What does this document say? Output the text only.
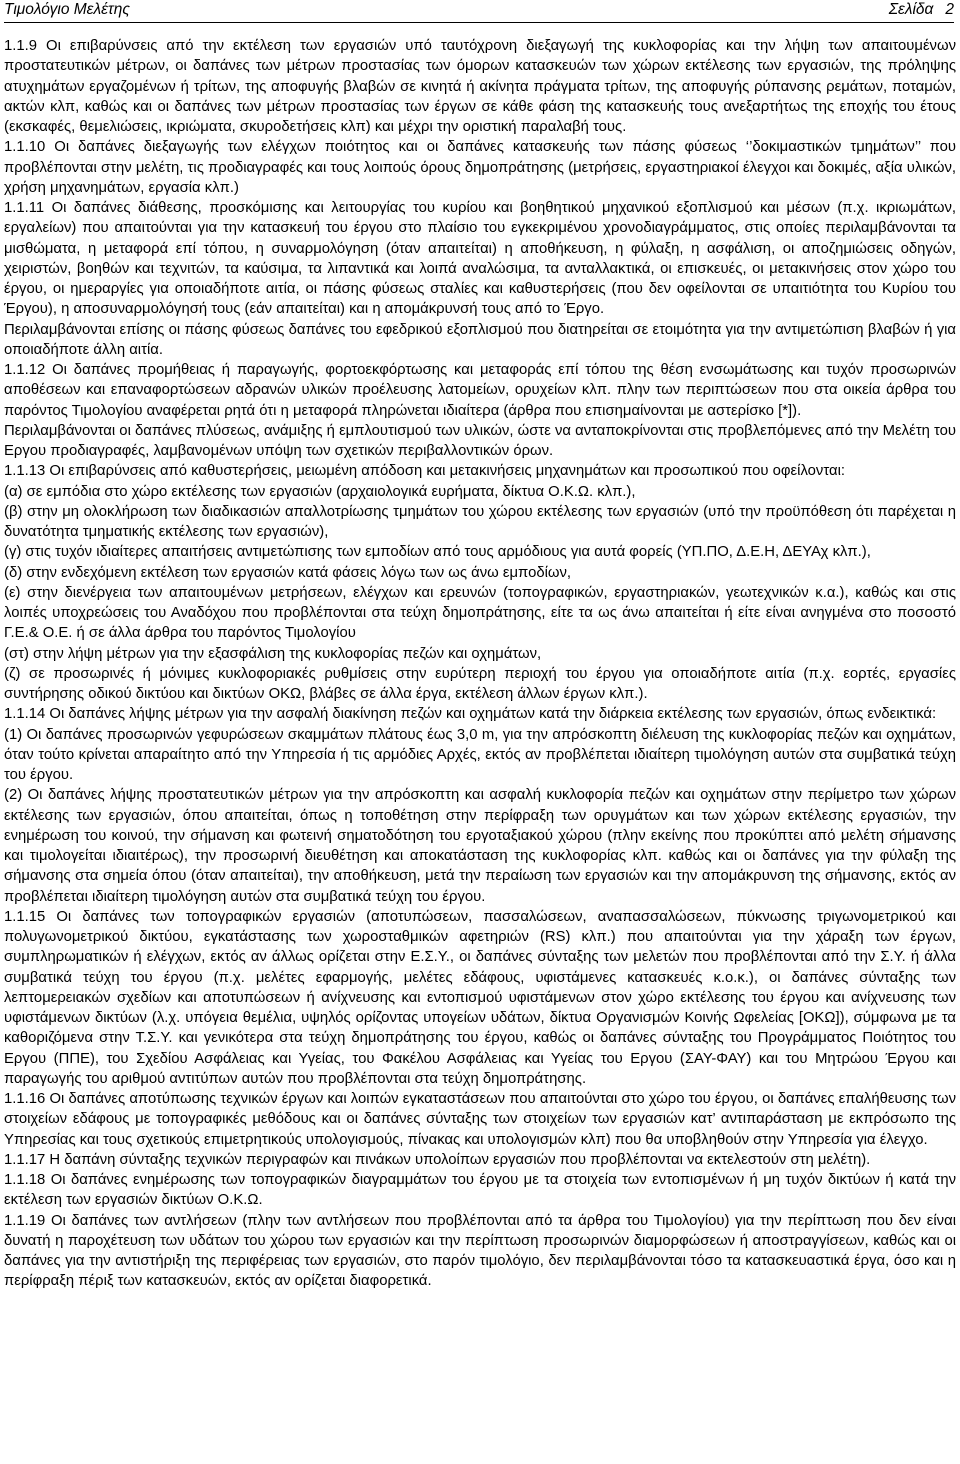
Τιμολόγιο Μελέτης	Σελίδα 2

1.1.9 Οι επιβαρύνσεις από την εκτέλεση των εργασιών υπό ταυτόχρονη διεξαγωγή της κυκλοφορίας και την λήψη των απαιτουμένων προστατευτικών μέτρων, οι δαπάνες των μέτρων προστασίας των όμορων κατασκευών των χώρων εκτέλεσης των εργασιών, της πρόληψης ατυχημάτων εργαζομένων ή τρίτων, της αποφυγής βλαβών σε κινητά ή ακίνητα πράγματα τρίτων, της αποφυγής ρύπανσης ρεμάτων, ποταμών, ακτών κλπ, καθώς και οι δαπάνες των μέτρων προστασίας των έργων σε κάθε φάση της κατασκευής τους ανεξαρτήτως της εποχής του έτους (εκσκαφές, θεμελιώσεις, ικριώματα, σκυροδετήσεις κλπ) και μέχρι την οριστική παραλαβή τους.

1.1.10 Οι δαπάνες διεξαγωγής των ελέγχων ποιότητος και οι δαπάνες κατασκευής των πάσης φύσεως ‘’δοκιμαστικών τμημάτων’’ που προβλέπονται στην μελέτη, τις προδιαγραφές και τους λοιπούς όρους δημοπράτησης (μετρήσεις, εργαστηριακοί έλεγχοι και δοκιμές, αξία υλικών, χρήση μηχανημάτων, εργασία κλπ.)

1.1.11 Οι δαπάνες διάθεσης, προσκόμισης και λειτουργίας του κυρίου και βοηθητικού μηχανικού εξοπλισμού και μέσων (π.χ. ικριωμάτων, εργαλείων) που απαιτούνται για την κατασκευή του έργου στο πλαίσιο του εγκεκριμένου χρονοδιαγράμματος, στις οποίες περιλαμβάνονται τα μισθώματα, η μεταφορά επί τόπου, η συναρμολόγηση (όταν απαιτείται) η αποθήκευση, η φύλαξη, η ασφάλιση, οι αποζημιώσεις οδηγών, χειριστών, βοηθών και τεχνιτών, τα καύσιμα, τα λιπαντικά και λοιπά αναλώσιμα, τα ανταλλακτικά, οι επισκευές, οι μετακινήσεις στον χώρο του έργου, οι ημεραργίες για οποιαδήποτε αιτία, οι πάσης φύσεως σταλίες και καθυστερήσεις (που δεν οφείλονται σε υπαιτιότητα του Κυρίου του Έργου), η αποσυναρμολόγησή τους (εάν απαιτείται) και η απομάκρυνσή τους από το Έργο.

Περιλαμβάνονται επίσης οι πάσης φύσεως δαπάνες του εφεδρικού εξοπλισμού που διατηρείται σε ετοιμότητα για την αντιμετώπιση βλαβών ή για οποιαδήποτε άλλη αιτία.

1.1.12 Οι δαπάνες προμήθειας ή παραγωγής, φορτοεκφόρτωσης και μεταφοράς επί τόπου της θέση ενσωμάτωσης και τυχόν προσωρινών αποθέσεων και επαναφορτώσεων αδρανών υλικών προέλευσης λατομείων, ορυχείων κλπ. πλην των περιπτώσεων που στα οικεία άρθρα του παρόντος Τιμολογίου αναφέρεται ρητά ότι η μεταφορά πληρώνεται ιδιαίτερα (άρθρα που επισημαίνονται με αστερίσκο [*]).

Περιλαμβάνονται οι δαπάνες πλύσεως, ανάμιξης ή εμπλουτισμού των υλικών, ώστε να ανταποκρίνονται στις προβλεπόμενες από την Μελέτη του Εργου προδιαγραφές, λαμβανομένων υπόψη των σχετικών περιβαλλοντικών όρων.

1.1.13 Οι επιβαρύνσεις από καθυστερήσεις, μειωμένη απόδοση και μετακινήσεις μηχανημάτων και προσωπικού που οφείλονται:

(α) σε εμπόδια στο χώρο εκτέλεσης των εργασιών (αρχαιολογικά ευρήματα, δίκτυα Ο.Κ.Ω. κλπ.),

(β) στην μη ολοκλήρωση των διαδικασιών απαλλοτρίωσης τμημάτων του χώρου εκτέλεσης των εργασιών (υπό την προϋπόθεση ότι παρέχεται η δυνατότητα τμηματικής εκτέλεσης των εργασιών),

(γ) στις τυχόν ιδιαίτερες απαιτήσεις αντιμετώπισης των εμποδίων από τους αρμόδιους για αυτά φορείς (ΥΠ.ΠΟ, Δ.Ε.Η, ΔΕΥΑχ κλπ.),

(δ) στην ενδεχόμενη εκτέλεση των εργασιών κατά φάσεις λόγω των ως άνω εμποδίων,

(ε) στην διενέργεια των απαιτουμένων μετρήσεων, ελέγχων και ερευνών (τοπογραφικών, εργαστηριακών, γεωτεχνικών κ.α.), καθώς και στις λοιπές υποχρεώσεις του Αναδόχου που προβλέπονται στα τεύχη δημοπράτησης, είτε τα ως άνω απαιτείται ή είτε είναι ανηγμένα στο ποσοστό Γ.Ε.& Ο.Ε. ή σε άλλα άρθρα του παρόντος Τιμολογίου

(στ) στην λήψη μέτρων για την εξασφάλιση της κυκλοφορίας πεζών και οχημάτων,

(ζ) σε προσωρινές ή μόνιμες κυκλοφοριακές ρυθμίσεις στην ευρύτερη περιοχή του έργου για οποιαδήποτε αιτία (π.χ. εορτές, εργασίες συντήρησης οδικού δικτύου και δικτύων ΟΚΩ, βλάβες σε άλλα έργα, εκτέλεση άλλων έργων κλπ.).

1.1.14 Οι δαπάνες λήψης μέτρων για την ασφαλή διακίνηση πεζών και οχημάτων κατά την διάρκεια εκτέλεσης των εργασιών, όπως ενδεικτικά:

(1) Οι δαπάνες προσωρινών γεφυρώσεων σκαμμάτων πλάτους έως 3,0 m, για την απρόσκοπτη διέλευση της κυκλοφορίας πεζών και οχημάτων, όταν τούτο κρίνεται απαραίτητο από την Υπηρεσία ή τις αρμόδιες Αρχές, εκτός αν προβλέπεται ιδιαίτερη τιμολόγηση αυτών στα συμβατικά τεύχη του έργου.

(2) Οι δαπάνες λήψης προστατευτικών μέτρων για την απρόσκοπτη και ασφαλή κυκλοφορία πεζών και οχημάτων στην περίμετρο των χώρων εκτέλεσης των εργασιών, όπου απαιτείται, όπως η τοποθέτηση στην περίφραξη των ορυγμάτων και των χώρων εκτέλεσης εργασιών, την ενημέρωση του κοινού, την σήμανση και φωτεινή σηματοδότηση του εργοταξιακού χώρου (πλην εκείνης που προκύπτει από μελέτη σήμανσης και τιμολογείται ιδιαιτέρως), την προσωρινή διευθέτηση και αποκατάσταση της κυκλοφορίας κλπ. καθώς και οι δαπάνες για την φύλαξη της σήμανσης στα σημεία όπου (όταν απαιτείται), την αποθήκευση, μετά την περαίωση των εργασιών και την απομάκρυνση της σήμανσης, εκτός αν προβλέπεται ιδιαίτερη τιμολόγηση αυτών στα συμβατικά τεύχη του έργου.

1.1.15 Οι δαπάνες των τοπογραφικών εργασιών (αποτυπώσεων, πασσαλώσεων, αναπασσαλώσεων, πύκνωσης τριγωνομετρικού και πολυγωνομετρικού δικτύου, εγκατάστασης των χωροσταθμικών αφετηριών (RS) κλπ.) που απαιτούνται για την χάραξη των έργων, συμπληρωματικών ή ελέγχων, εκτός αν άλλως ορίζεται στην Ε.Σ.Υ., οι δαπάνες σύνταξης των μελετών που προβλέπονται από την Σ.Υ. ή άλλα συμβατικά τεύχη του έργου (π.χ. μελέτες εφαρμογής, μελέτες εδάφους, υφιστάμενες κατασκευές κ.ο.κ.), οι δαπάνες σύνταξης των λεπτομερειακών σχεδίων και αποτυπώσεων ή ανίχνευσης και εντοπισμού υφιστάμενων στον χώρο εκτέλεσης του έργου και ανίχνευσης των υφιστάμενων δικτύων (λ.χ. υπόγεια θεμέλια, υψηλός ορίζοντας υπογείων υδάτων, δίκτυα Οργανισμών Κοινής Ωφελείας [ΟΚΩ]), σύμφωνα με τα καθοριζόμενα στην Τ.Σ.Υ. και γενικότερα στα τεύχη δημοπράτησης του έργου, καθώς οι δαπάνες σύνταξης του Προγράμματος Ποιότητος του Εργου (ΠΠΕ), του Σχεδίου Ασφάλειας και Υγείας, του Φακέλου Ασφάλειας και Υγείας του Εργου (ΣΑΥ-ΦΑΥ) και του Μητρώου Έργου και παραγωγής του αριθμού αντιτύπων αυτών που προβλέπονται στα τεύχη δημοπράτησης.

1.1.16 Οι δαπάνες αποτύπωσης τεχνικών έργων και λοιπών εγκαταστάσεων που απαιτούνται στο χώρο του έργου, οι δαπάνες επαλήθευσης των στοιχείων εδάφους με τοπογραφικές μεθόδους και οι δαπάνες σύνταξης των στοιχείων των εργασιών κατ’ αντιπαράσταση με εκπρόσωπο της Υπηρεσίας και τους σχετικούς επιμετρητικούς υπολογισμούς, πίνακας και υπολογισμών κλπ) που θα υποβληθούν στην Υπηρεσία για έλεγχο.

1.1.17 Η δαπάνη σύνταξης τεχνικών περιγραφών και πινάκων υπολοίπων εργασιών που προβλέπονται να εκτελεστούν στη μελέτη).

1.1.18 Οι δαπάνες ενημέρωσης των τοπογραφικών διαγραμμάτων του έργου με τα στοιχεία των εντοπισμένων ή μη τυχόν δικτύων ή κατά την εκτέλεση των εργασιών δικτύων Ο.Κ.Ω.

1.1.19 Οι δαπάνες των αντλήσεων (πλην των αντλήσεων που προβλέπονται από τα άρθρα του Τιμολογίου) για την περίπτωση που δεν είναι δυνατή η παροχέτευση των υδάτων του χώρου των εργασιών και την περίπτωση προσωρινών διαμορφώσεων ή αποστραγγίσεων, καθώς και οι δαπάνες για την αντιστήριξη της περιφέρειας των εργασιών, στο παρόν τιμολόγιο, δεν περιλαμβάνονται τόσο τα κατασκευαστικά έργα, όσο και η περίφραξη πέριξ των κατασκευών, εκτός αν ορίζεται διαφορετικά.
